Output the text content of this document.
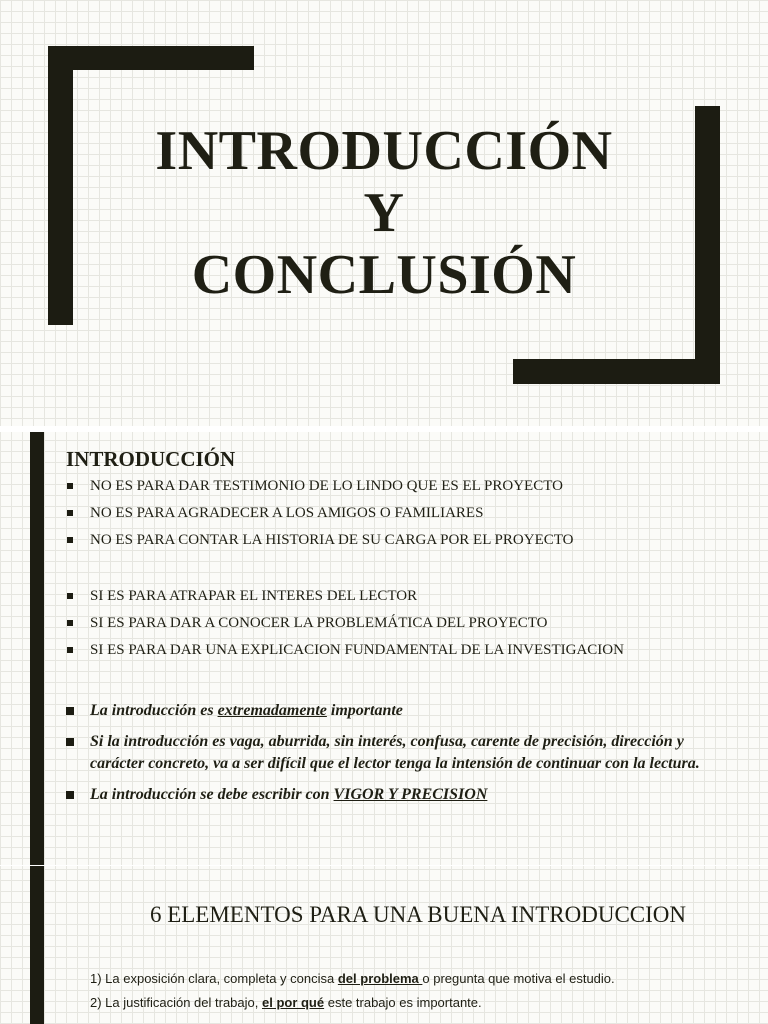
INTRODUCCIÓN
Y
CONCLUSIÓN
INTRODUCCIÓN
NO ES PARA DAR TESTIMONIO DE LO LINDO QUE ES EL PROYECTO
NO ES PARA AGRADECER A LOS AMIGOS O FAMILIARES
NO ES PARA CONTAR LA HISTORIA DE SU CARGA POR EL PROYECTO
SI ES PARA ATRAPAR EL INTERES DEL LECTOR
SI ES PARA DAR A CONOCER LA PROBLEMÁTICA DEL PROYECTO
SI ES PARA DAR UNA EXPLICACION FUNDAMENTAL DE LA INVESTIGACION
La introducción es extremadamente importante
Si la introducción es vaga, aburrida, sin interés, confusa, carente de precisión, dirección y carácter concreto, va a ser difícil que el lector tenga la intensión de continuar con la lectura.
La introducción se debe escribir con VIGOR Y PRECISION
6 ELEMENTOS PARA UNA BUENA INTRODUCCION
1) La exposición clara, completa y concisa del problema o pregunta que motiva el estudio.
2) La justificación del trabajo, el por qué este trabajo es importante.
